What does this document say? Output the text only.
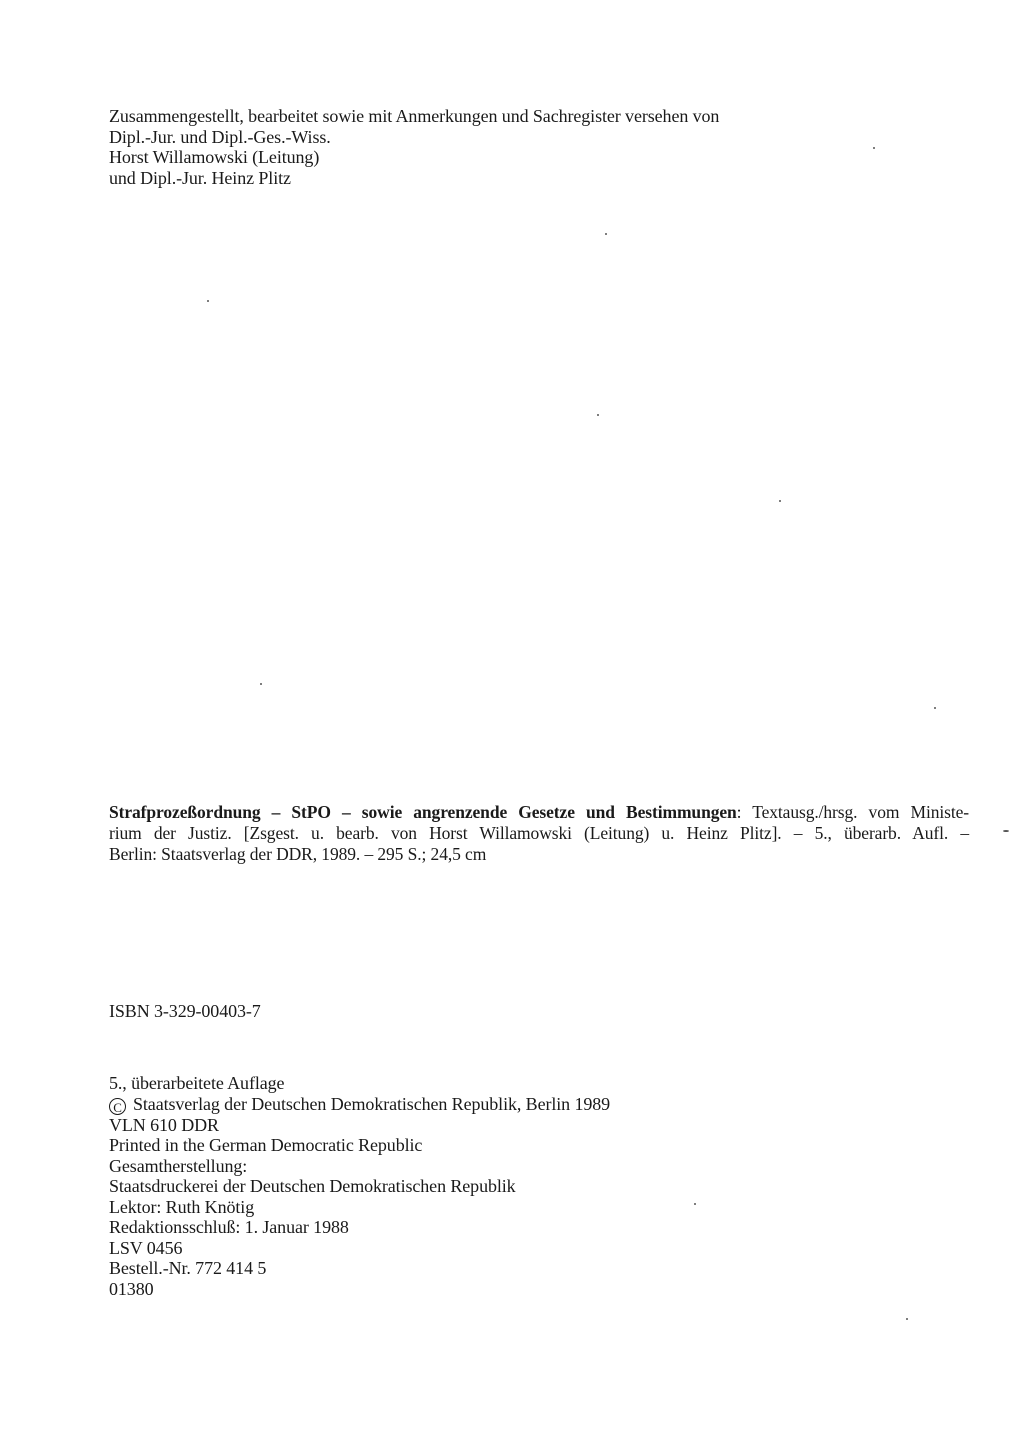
Zusammengestellt, bearbeitet sowie mit Anmerkungen und Sachregister versehen von
Dipl.-Jur. und Dipl.-Ges.-Wiss.
Horst Willamowski (Leitung)
und Dipl.-Jur. Heinz Plitz
Strafprozeßordnung – StPO – sowie angrenzende Gesetze und Bestimmungen: Textausg./hrsg. vom Ministe-
rium der Justiz. [Zsgest. u. bearb. von Horst Willamowski (Leitung) u. Heinz Plitz]. – 5., überarb. Aufl. –
Berlin: Staatsverlag der DDR, 1989. – 295 S.; 24,5 cm
ISBN 3-329-00403-7
5., überarbeitete Auflage
C Staatsverlag der Deutschen Demokratischen Republik, Berlin 1989
VLN 610 DDR
Printed in the German Democratic Republic
Gesamtherstellung:
Staatsdruckerei der Deutschen Demokratischen Republik
Lektor: Ruth Knötig
Redaktionsschluß: 1. Januar 1988
LSV 0456
Bestell.-Nr. 772 414 5
01380
